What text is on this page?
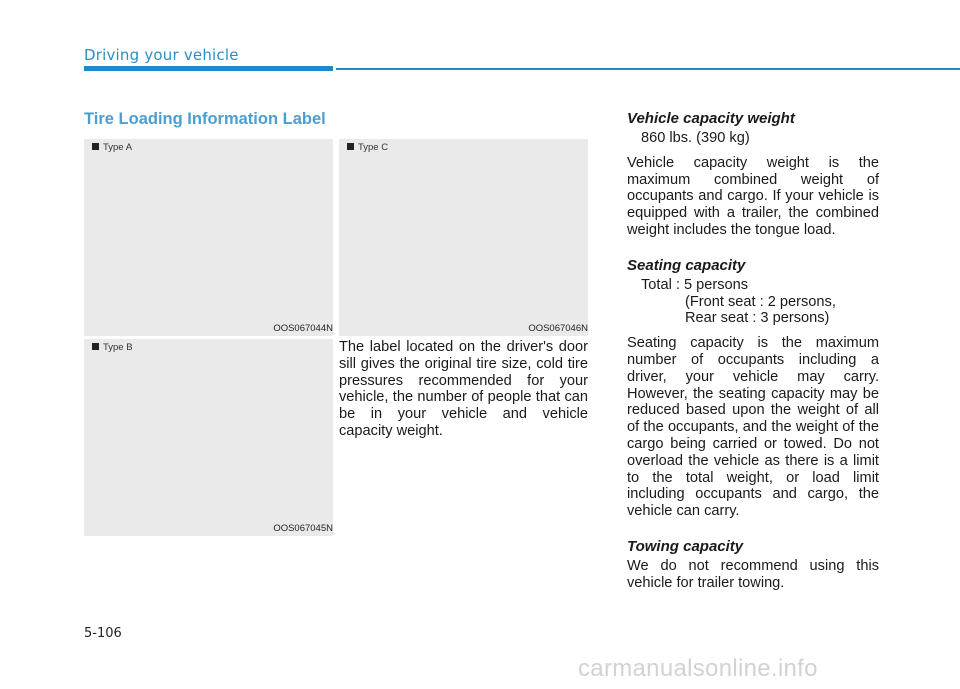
Driving your vehicle
Tire Loading Information Label
Type A
OOS067044N
Type C
OOS067046N
Type B
OOS067045N

The label located on the driver's door sill gives the original tire size, cold tire pressures recommended for your vehicle, the number of people that can be in your vehicle and vehicle capacity weight.

Vehicle capacity weight
860 lbs. (390 kg)

Vehicle capacity weight is the maximum combined weight of occupants and cargo. If your vehicle is equipped with a trailer, the combined weight includes the tongue load.

Seating capacity
Total : 5 persons
(Front seat : 2 persons,
Rear seat : 3 persons)

Seating capacity is the maximum number of occupants including a driver, your vehicle may carry. However, the seating capacity may be reduced based upon the weight of all of the occupants, and the weight of the cargo being carried or towed. Do not overload the vehicle as there is a limit to the total weight, or load limit including occupants and cargo, the vehicle can carry.

Towing capacity

We do not recommend using this vehicle for trailer towing.

5-106
carmanualsonline.info
